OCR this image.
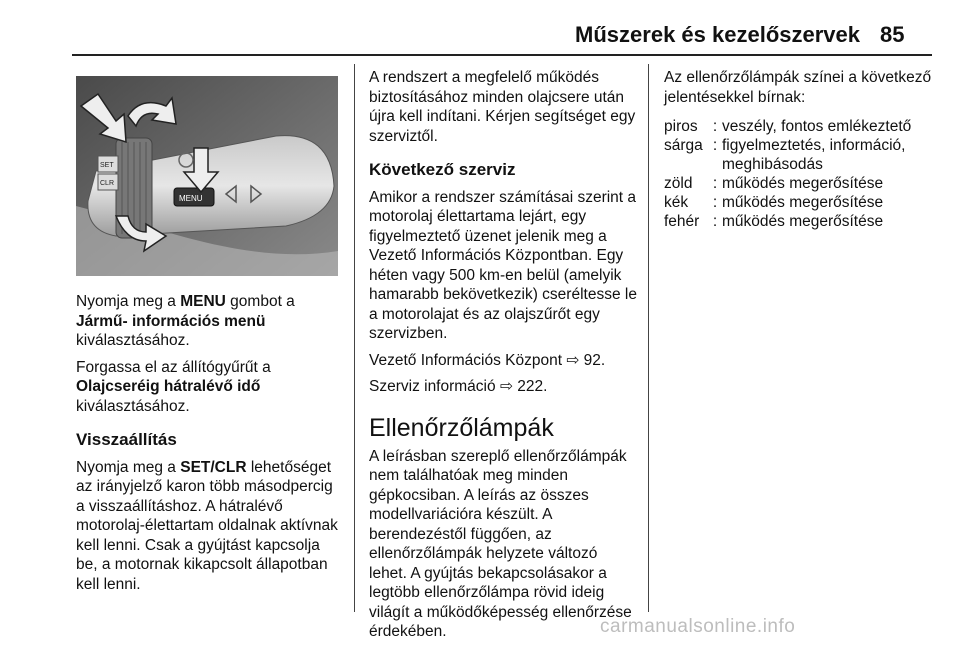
Műszerek és kezelőszervek 85
SET
CLR
MENU

Nyomja meg a MENU gombot a Jármű- információs menü kiválasztásához.

Forgassa el az állítógyűrűt a Olajcseréig hátralévő idő kiválasztásához.

Visszaállítás

Nyomja meg a SET/CLR lehetőséget az irányjelző karon több másodpercig a visszaállításhoz. A hátralévő motorolaj-élettartam oldalnak aktívnak kell lenni. Csak a gyújtást kapcsolja be, a motornak kikapcsolt állapotban kell lenni.

A rendszert a megfelelő működés biztosításához minden olajcsere után újra kell indítani. Kérjen segítséget egy szerviztől.

Következő szerviz

Amikor a rendszer számításai szerint a motorolaj élettartama lejárt, egy figyelmeztető üzenet jelenik meg a Vezető Információs Központban. Egy héten vagy 500 km-en belül (amelyik hamarabb bekövetkezik) cseréltesse le a motorolajat és az olajszűrőt egy szervizben.

Vezető Információs Központ ⇨ 92.

Szerviz információ ⇨ 222.

Ellenőrzőlámpák

A leírásban szereplő ellenőrzőlámpák nem találhatóak meg minden gépkocsiban. A leírás az összes modellvariációra készült. A berendezéstől függően, az ellenőrzőlámpák helyzete változó lehet. A gyújtás bekapcsolásakor a legtöbb ellenőrzőlámpa rövid ideig világít a működőképesség ellenőrzése érdekében.

Az ellenőrzőlámpák színei a következő jelentésekkel bírnak:

piros	:	veszély, fontos emlékeztető
sárga	:	figyelmeztetés, információ, meghibásodás
zöld	:	működés megerősítése
kék	:	működés megerősítése
fehér	:	működés megerősítése
carmanualsonline.info
